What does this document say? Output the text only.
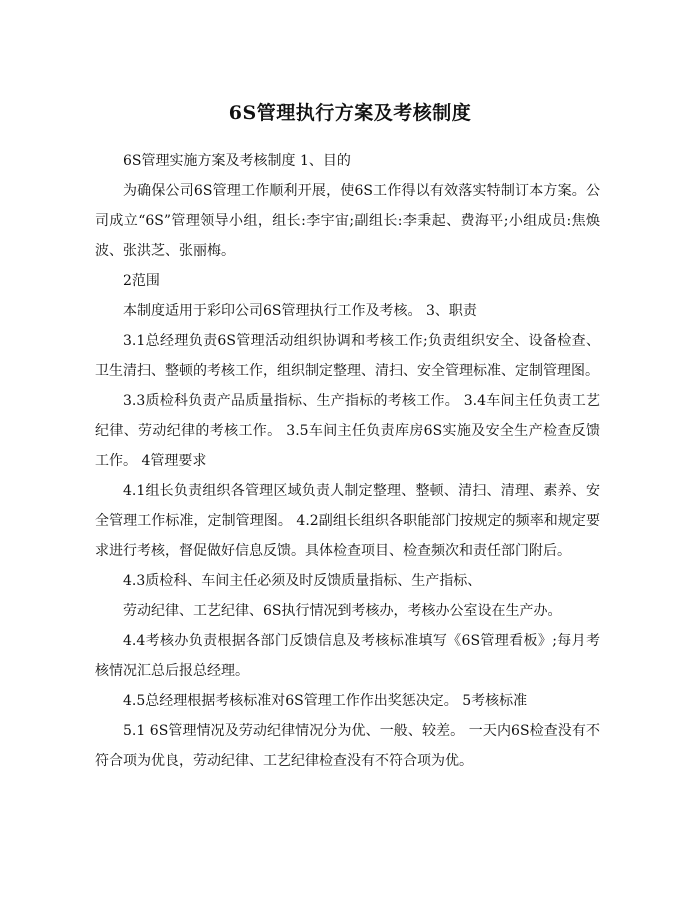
6S管理执行方案及考核制度

6S管理实施方案及考核制度 1、目的

为确保公司6S管理工作顺利开展，使6S工作得以有效落实特制订本方案。公司成立“6S”管理领导小组，组长:李宇宙;副组长:李秉起、费海平;小组成员:焦焕波、张洪芝、张丽梅。

2范围

本制度适用于彩印公司6S管理执行工作及考核。 3、职责

3.1总经理负责6S管理活动组织协调和考核工作;负责组织安全、设备检查、卫生清扫、整顿的考核工作，组织制定整理、清扫、安全管理标准、定制管理图。

3.3质检科负责产品质量指标、生产指标的考核工作。 3.4车间主任负责工艺纪律、劳动纪律的考核工作。 3.5车间主任负责库房6S实施及安全生产检查反馈工作。 4管理要求

4.1组长负责组织各管理区域负责人制定整理、整顿、清扫、清理、素养、安全管理工作标准，定制管理图。 4.2副组长组织各职能部门按规定的频率和规定要求进行考核，督促做好信息反馈。具体检查项目、检查频次和责任部门附后。

4.3质检科、车间主任必须及时反馈质量指标、生产指标、

劳动纪律、工艺纪律、6S执行情况到考核办，考核办公室设在生产办。

4.4考核办负责根据各部门反馈信息及考核标准填写《6S管理看板》;每月考核情况汇总后报总经理。

4.5总经理根据考核标准对6S管理工作作出奖惩决定。 5考核标准

5.1 6S管理情况及劳动纪律情况分为优、一般、较差。 一天内6S检查没有不符合项为优良，劳动纪律、工艺纪律检查没有不符合项为优。
